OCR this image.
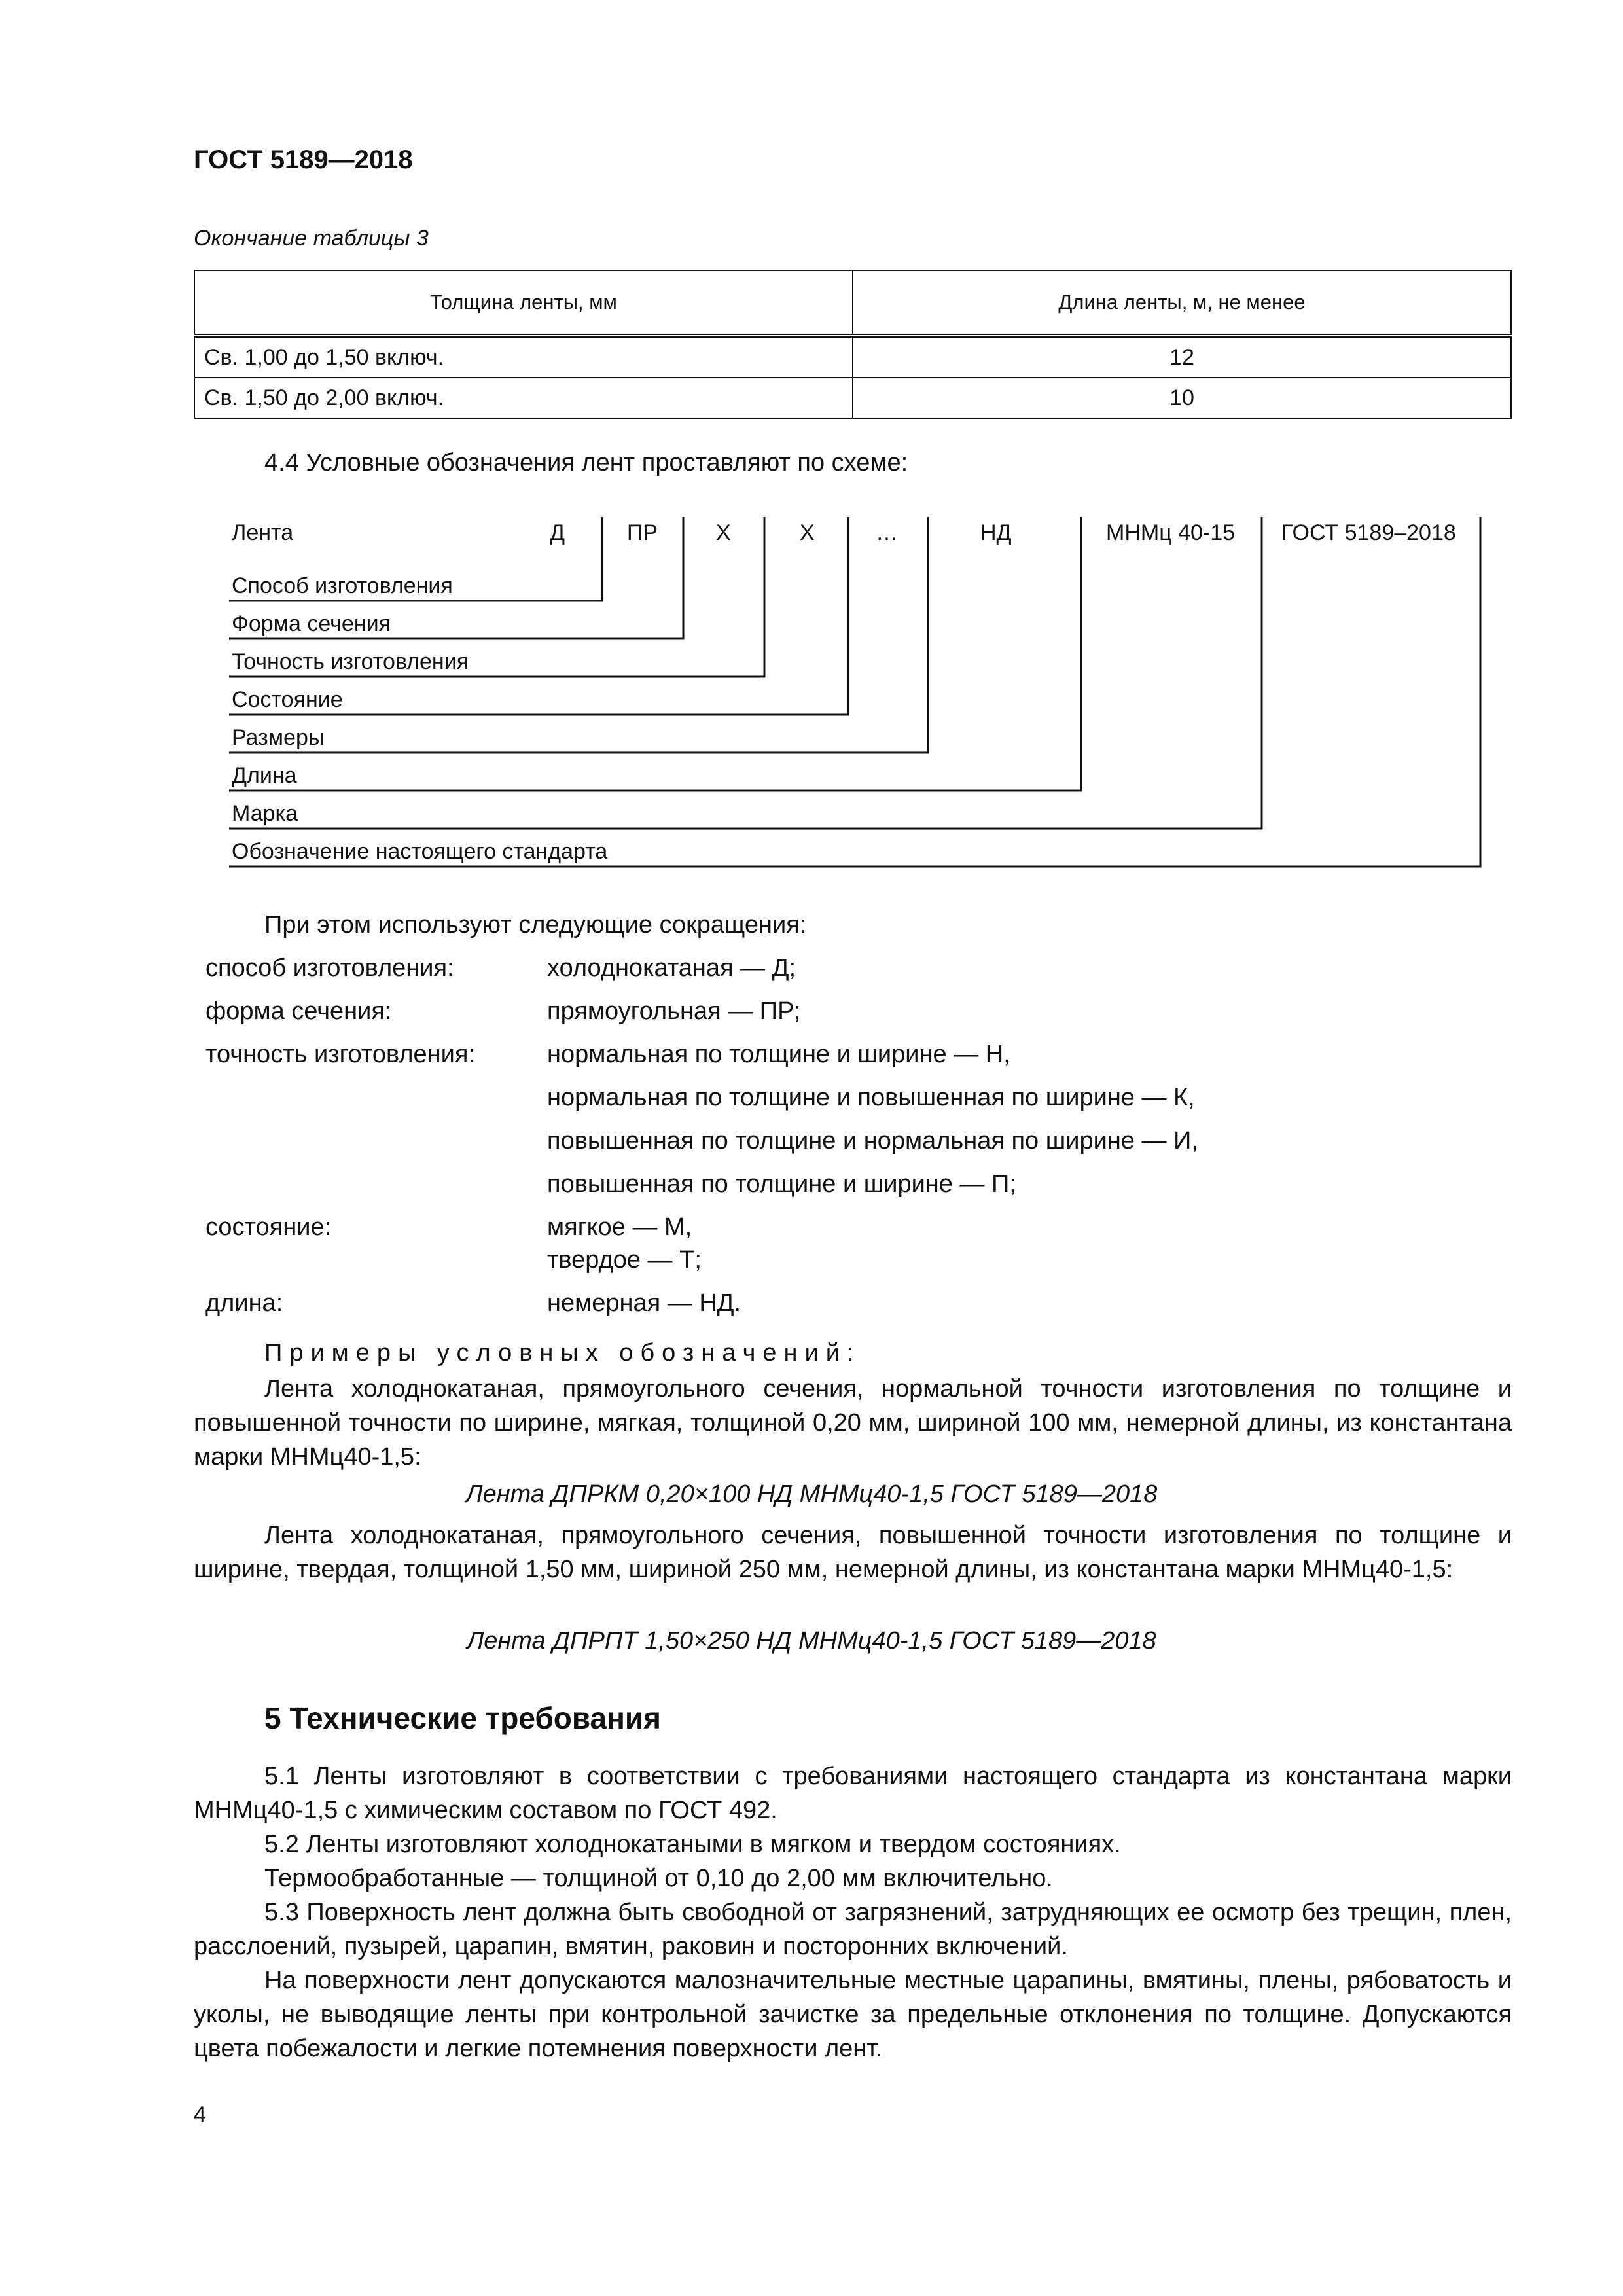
ГОСТ 5189—2018
Окончание таблицы 3
Толщина ленты, мм	Длина ленты, м, не менее
Св. 1,00 до 1,50 включ.	12
Св. 1,50 до 2,00 включ.	10
4.4 Условные обозначения лент проставляют по схеме:
Лента	Д	ПР	Х	Х	…	НД	МНМц 40-15 ГОСТ 5189–2018
Способ изготовления
Форма сечения
Точность изготовления
Состояние
Размеры
Длина
Марка
Обозначение настоящего стандарта
При этом используют следующие сокращения:
способ изготовления:	холоднокатаная — Д;
форма сечения:	прямоугольная — ПР;
точность изготовления:	нормальная по толщине и ширине — Н,
нормальная по толщине и повышенная по ширине — К,
повышенная по толщине и нормальная по ширине — И,
повышенная по толщине и ширине — П;
состояние:	мягкое — М,
твердое — Т;
длина:	немерная — НД.
Примеры условных обозначений:
Лента холоднокатаная, прямоугольного сечения, нормальной точности изготовления по толщине и повышенной точности по ширине, мягкая, толщиной 0,20 мм, шириной 100 мм, немерной длины, из константана марки МНМц40-1,5:
Лента ДПРКМ 0,20×100 НД МНМц40-1,5 ГОСТ 5189—2018
Лента холоднокатаная, прямоугольного сечения, повышенной точности изготовления по толщине и ширине, твердая, толщиной 1,50 мм, шириной 250 мм, немерной длины, из константана марки МНМц40-1,5:
Лента ДПРПТ 1,50×250 НД МНМц40-1,5 ГОСТ 5189—2018
5 Технические требования
5.1 Ленты изготовляют в соответствии с требованиями настоящего стандарта из константана марки МНМц40-1,5 с химическим составом по ГОСТ 492.
5.2 Ленты изготовляют холоднокатаными в мягком и твердом состояниях.
Термообработанные — толщиной от 0,10 до 2,00 мм включительно.
5.3 Поверхность лент должна быть свободной от загрязнений, затрудняющих ее осмотр без трещин, плен, расслоений, пузырей, царапин, вмятин, раковин и посторонних включений.
На поверхности лент допускаются малозначительные местные царапины, вмятины, плены, рябоватость и уколы, не выводящие ленты при контрольной зачистке за предельные отклонения по толщине. Допускаются цвета побежалости и легкие потемнения поверхности лент.
4
